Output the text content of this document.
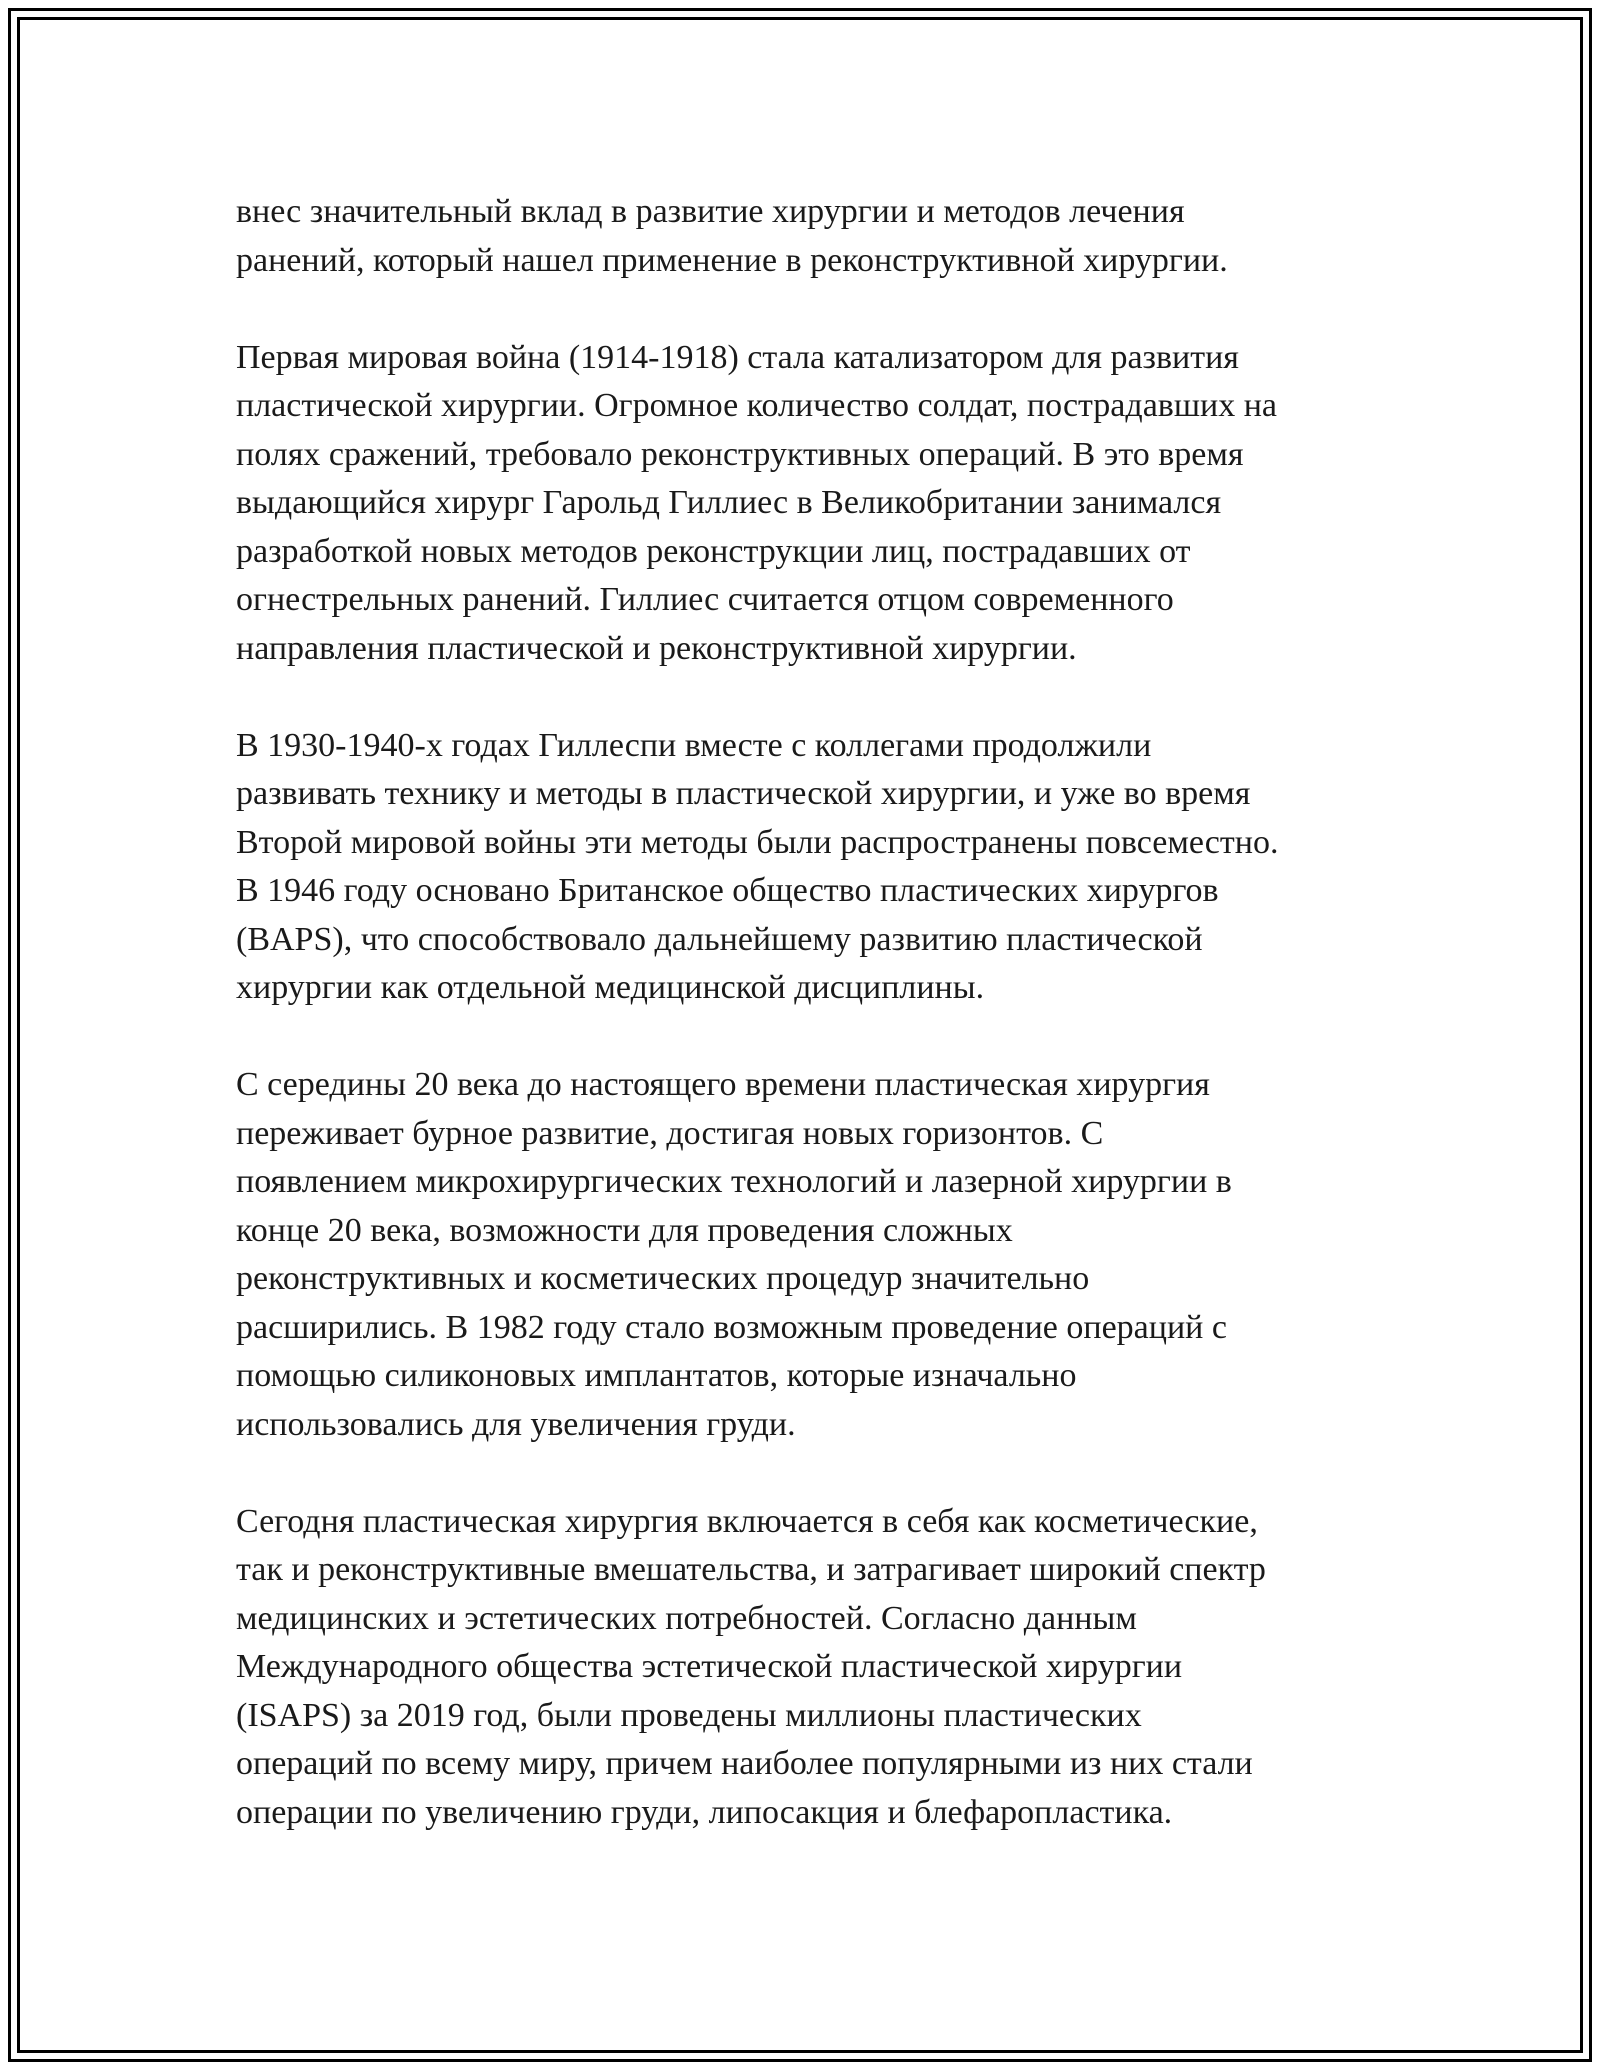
внес значительный вклад в развитие хирургии и методов лечения
ранений, который нашел применение в реконструктивной хирургии.

Первая мировая война (1914-1918) стала катализатором для развития
пластической хирургии. Огромное количество солдат, пострадавших на
полях сражений, требовало реконструктивных операций. В это время
выдающийся хирург Гарольд Гиллиес в Великобритании занимался
разработкой новых методов реконструкции лиц, пострадавших от
огнестрельных ранений. Гиллиес считается отцом современного
направления пластической и реконструктивной хирургии.

В 1930-1940-х годах Гиллеспи вместе с коллегами продолжили
развивать технику и методы в пластической хирургии, и уже во время
Второй мировой войны эти методы были распространены повсеместно.
В 1946 году основано Британское общество пластических хирургов
(BAPS), что способствовало дальнейшему развитию пластической
хирургии как отдельной медицинской дисциплины.

С середины 20 века до настоящего времени пластическая хирургия
переживает бурное развитие, достигая новых горизонтов. С
появлением микрохирургических технологий и лазерной хирургии в
конце 20 века, возможности для проведения сложных
реконструктивных и косметических процедур значительно
расширились. В 1982 году стало возможным проведение операций с
помощью силиконовых имплантатов, которые изначально
использовались для увеличения груди.

Сегодня пластическая хирургия включается в себя как косметические,
так и реконструктивные вмешательства, и затрагивает широкий спектр
медицинских и эстетических потребностей. Согласно данным
Международного общества эстетической пластической хирургии
(ISAPS) за 2019 год, были проведены миллионы пластических
операций по всему миру, причем наиболее популярными из них стали
операции по увеличению груди, липосакция и блефаропластика.
